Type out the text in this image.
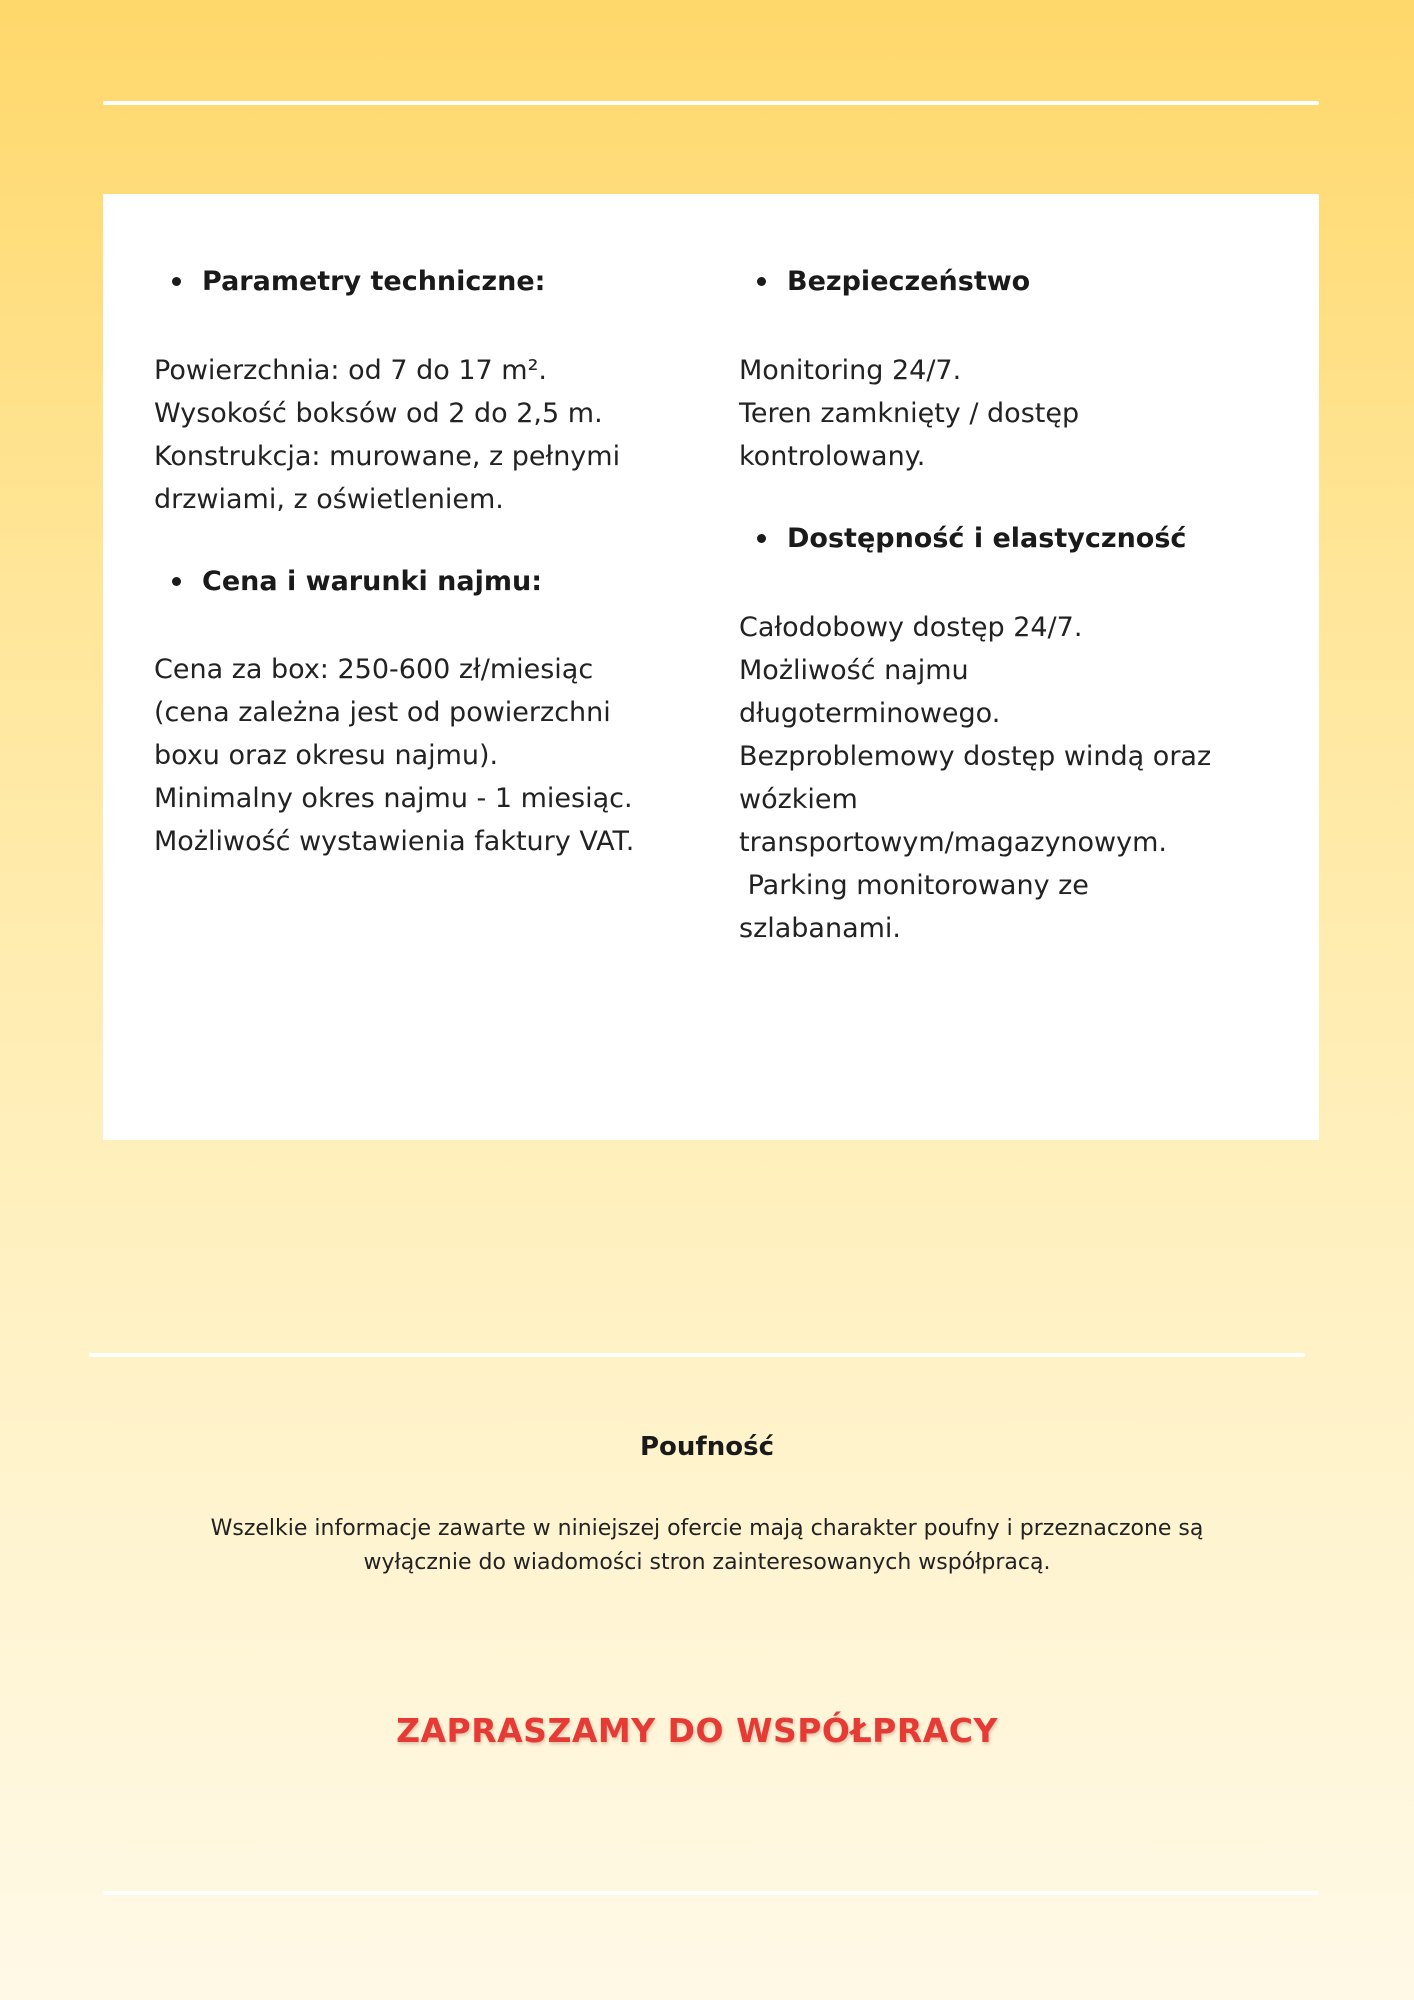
Parametry techniczne:
Powierzchnia: od 7 do 17 m².
Wysokość boksów od 2 do 2,5 m.
Konstrukcja: murowane, z pełnymi
drzwiami, z oświetleniem.
Cena i warunki najmu:
Cena za box: 250-600 zł/miesiąc
(cena zależna jest od powierzchni
boxu oraz okresu najmu).
Minimalny okres najmu - 1 miesiąc.
Możliwość wystawienia faktury VAT.
Bezpieczeństwo
Monitoring 24/7.
Teren zamknięty / dostęp
kontrolowany.
Dostępność i elastyczność
Całodobowy dostęp 24/7.
Możliwość najmu
długoterminowego.
Bezproblemowy dostęp windą oraz
wózkiem
transportowym/magazynowym.
Parking monitorowany ze
szlabanami.
Poufność
Wszelkie informacje zawarte w niniejszej ofercie mają charakter poufny i przeznaczone są
wyłącznie do wiadomości stron zainteresowanych współpracą.
ZAPRASZAMY DO WSPÓŁPRACY
